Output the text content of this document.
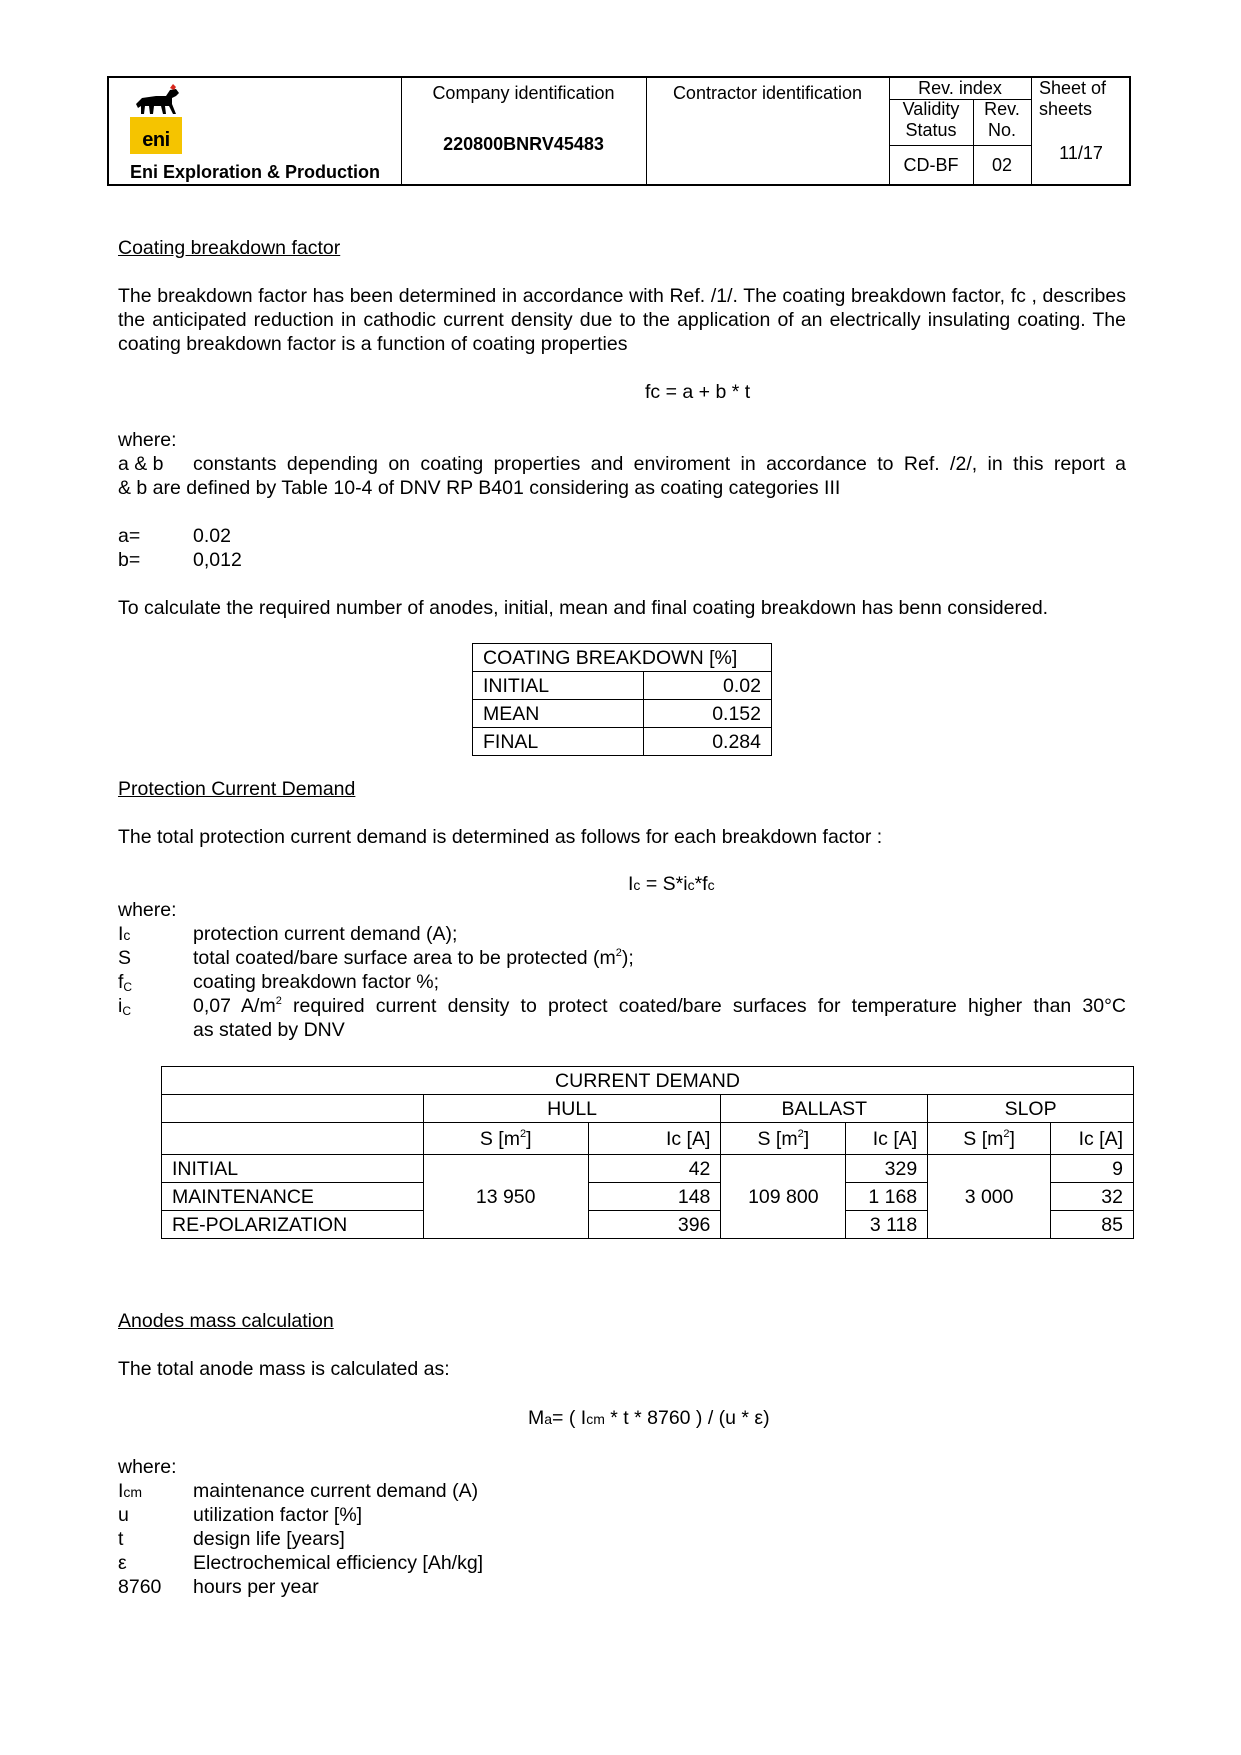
eni
Eni Exploration & Production
Company identification
220800BNRV45483
Contractor identification	Rev. index
Validity Status
Rev. No.
CD-BF	02
Sheet of sheets
11/17
Coating breakdown factor
The breakdown factor has been determined in accordance with Ref. /1/. The coating breakdown factor, fc , describes the anticipated reduction in cathodic current density due to the application of an electrically insulating coating. The coating breakdown factor is a function of coating properties
fc = a + b * t
where:
a & b constants depending on coating properties and enviroment in accordance to Ref. /2/, in this report a
& b are defined by Table 10-4 of DNV RP B401 considering as coating categories III
a=	0.02
b=	0,012
To calculate the required number of anodes, initial, mean and final coating breakdown has benn considered.
COATING BREAKDOWN [%]	
INITIAL	0.02
MEAN	0.152
FINAL	0.284
Protection Current Demand
The total protection current demand is determined as follows for each breakdown factor :
Ic = S*ic*fc
where:
Ic	protection current demand (A);
S	total coated/bare surface area to be protected $(m^2)$;
$f_C$	coating breakdown factor %;
$i_C$	0,07 $A/m^2$ required current density to protect coated/bare surfaces for temperature higher than 30°C
as stated by DNV
CURRENT DEMAND						
	HULL		BALLAST		SLOP	
	S $[m^2]$	Ic [A]	S $[m^2]$	Ic [A]	S $[m^2]$	Ic [A]
INITIAL	13 950	42	109 800	329	3 000	9
MAINTENANCE		148		1 168		32
RE-POLARIZATION		396		3 118		85
Anodes mass calculation
The total anode mass is calculated as:
Ma= ( Icm * t * 8760 ) / (u * ε)
where:
Icm	maintenance current demand (A)
u	utilization factor [%]
t	design life [years]
ε	Electrochemical efficiency [Ah/kg]
8760 hours per year
